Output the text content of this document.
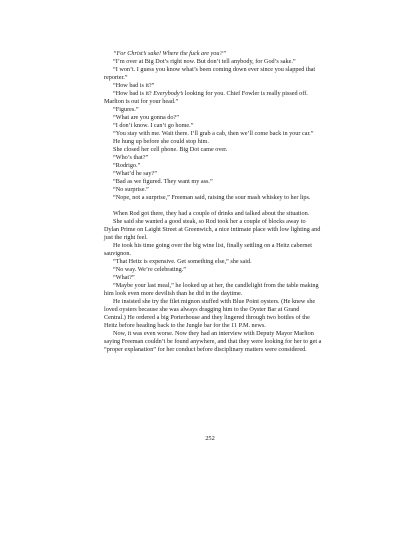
“For Christ’s sake! Where the fuck are you?”

“I’m over at Big Dot’s right now. But don’t tell anybody, for God’s sake.”

“I won’t. I guess you know what’s been coming down ever since you slapped that reporter.”

“How bad is it?”

“How bad is it? Everybody’s looking for you. Chief Fowler is really pissed off. Marlton is out for your head.”

“Figures.”

“What are you gonna do?”

“I don’t know. I can’t go home.”

“You stay with me. Wait there. I’ll grab a cab, then we’ll come back in your car.”

He hung up before she could stop him.

She closed her cell phone. Big Dot came over.

“Who’s that?”

“Rodrigo.”

“What’d he say?”

“Bad as we figured. They want my ass.”

“No surprise.”

“Nope, not a surprise,” Freeman said, raising the sour mash whiskey to her lips.

When Rod got there, they had a couple of drinks and talked about the situation.

She said she wanted a good steak, so Rod took her a couple of blocks away to Dylan Prime on Laight Street at Greenwich, a nice intimate place with low lighting and just the right feel.

He took his time going over the big wine list, finally settling on a Heitz cabernet sauvignon.

“That Heitz is expensive. Get something else,” she said.

“No way. We’re celebrating.”

“What?”

“Maybe your last meal,” he looked up at her, the candlelight from the table making him look even more devilish than he did in the daytime.

He insisted she try the filet mignon stuffed with Blue Point oysters. (He knew she loved oysters because she was always dragging him to the Oyster Bar at Grand Central.) He ordered a big Porterhouse and they lingered through two bottles of the Heitz before heading back to the Jungle bar for the 11 P.M. news.

Now, it was even worse. Now they had an interview with Deputy Mayor Marlton saying Freeman couldn’t be found anywhere, and that they were looking for her to get a “proper explanation” for her conduct before disciplinary matters were considered.

252
